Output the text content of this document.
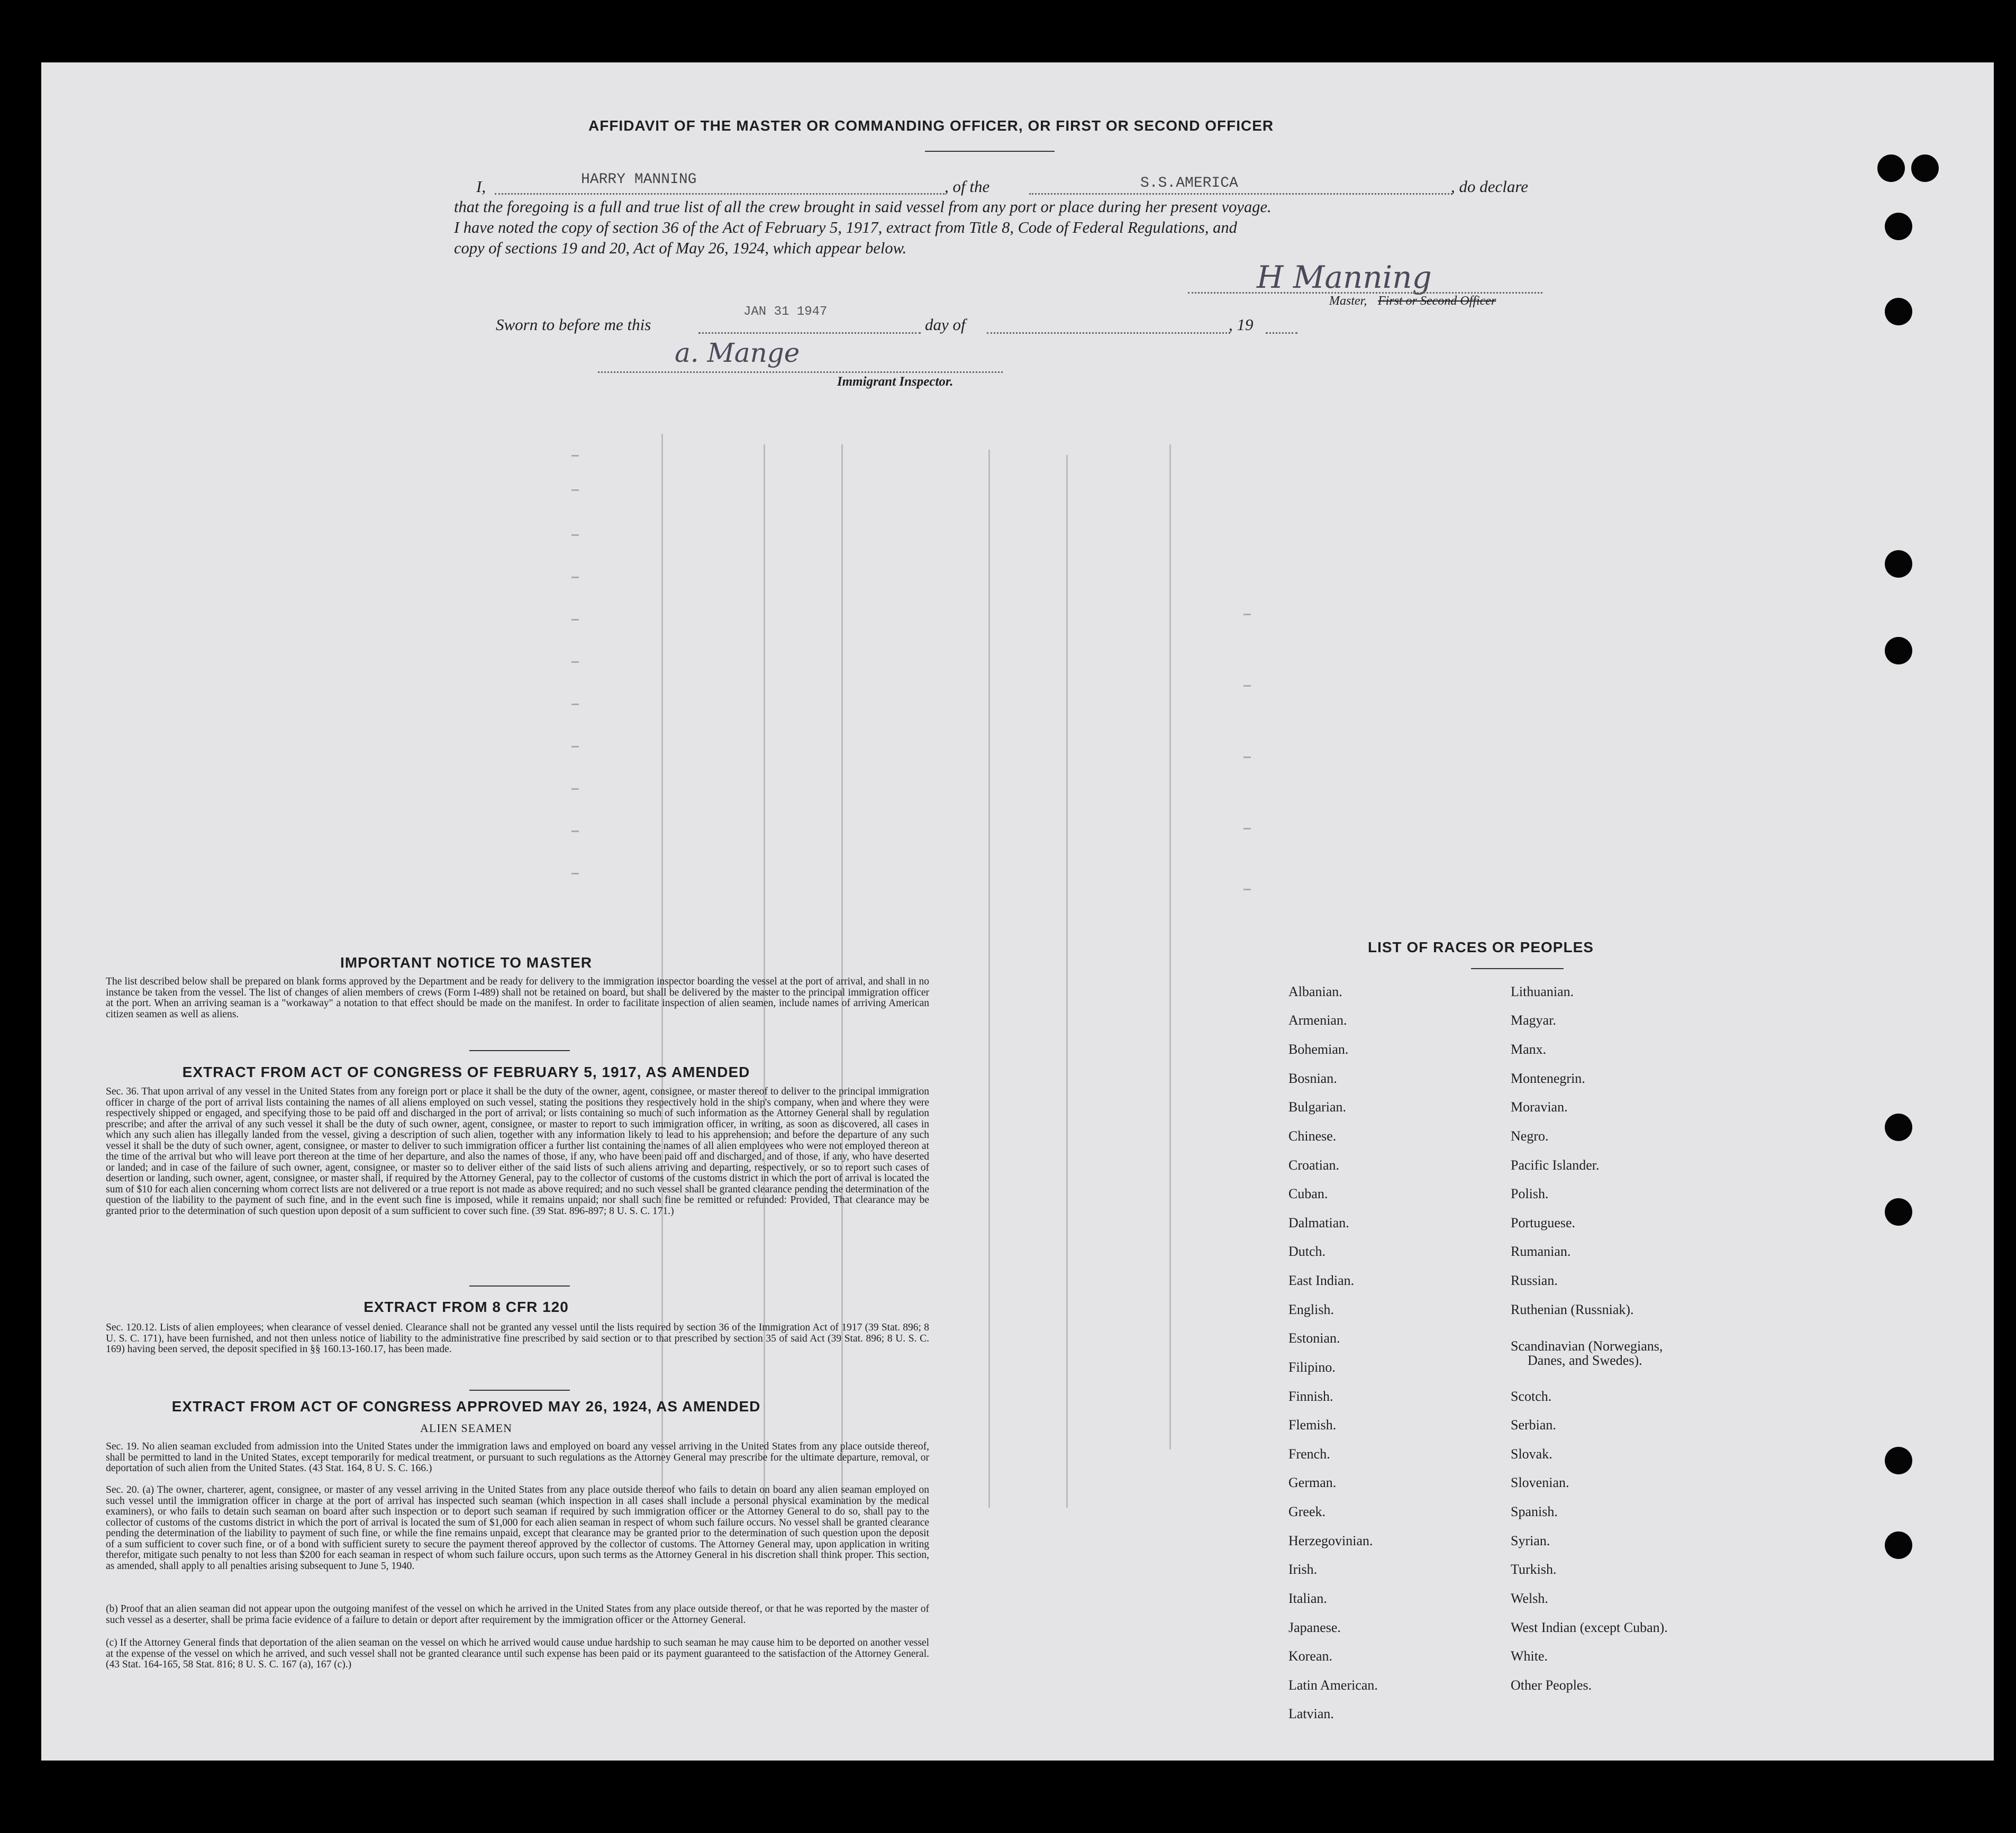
AFFIDAVIT OF THE MASTER OR COMMANDING OFFICER, OR FIRST OR SECOND OFFICER
I,	HARRY MANNING	, of the	S.S.AMERICA	, do declare
that the foregoing is a full and true list of all the crew brought in said vessel from any port or place during her present voyage.
I have noted the copy of section 36 of the Act of February 5, 1917, extract from Title 8, Code of Federal Regulations, and
copy of sections 19 and 20, Act of May 26, 1924, which appear below.
H Manning
Master, First or Second Officer
Sworn to before me this
JAN 31 1947
day of	, 19
a. Mange
Immigrant Inspector.
IMPORTANT NOTICE TO MASTER
The list described below shall be prepared on blank forms approved by the Department and be ready for delivery to the immigration inspector boarding the vessel at the port of arrival, and shall in no instance be taken from the vessel. The list of changes of alien members of crews (Form I-489) shall not be retained on board, but shall be delivered by the master to the principal immigration officer at the port. When an arriving seaman is a "workaway" a notation to that effect should be made on the manifest. In order to facilitate inspection of alien seamen, include names of arriving American citizen seamen as well as aliens.
EXTRACT FROM ACT OF CONGRESS OF FEBRUARY 5, 1917, AS AMENDED
Sec. 36. That upon arrival of any vessel in the United States from any foreign port or place it shall be the duty of the owner, agent, consignee, or master thereof to deliver to the principal immigration officer in charge of the port of arrival lists containing the names of all aliens employed on such vessel, stating the positions they respectively hold in the ship's company, when and where they were respectively shipped or engaged, and specifying those to be paid off and discharged in the port of arrival; or lists containing so much of such information as the Attorney General shall by regulation prescribe; and after the arrival of any such vessel it shall be the duty of such owner, agent, consignee, or master to report to such immigration officer, in writing, as soon as discovered, all cases in which any such alien has illegally landed from the vessel, giving a description of such alien, together with any information likely to lead to his apprehension; and before the departure of any such vessel it shall be the duty of such owner, agent, consignee, or master to deliver to such immigration officer a further list containing the names of all alien employees who were not employed thereon at the time of the arrival but who will leave port thereon at the time of her departure, and also the names of those, if any, who have been paid off and discharged, and of those, if any, who have deserted or landed; and in case of the failure of such owner, agent, consignee, or master so to deliver either of the said lists of such aliens arriving and departing, respectively, or so to report such cases of desertion or landing, such owner, agent, consignee, or master shall, if required by the Attorney General, pay to the collector of customs of the customs district in which the port of arrival is located the sum of $10 for each alien concerning whom correct lists are not delivered or a true report is not made as above required; and no such vessel shall be granted clearance pending the determination of the question of the liability to the payment of such fine, and in the event such fine is imposed, while it remains unpaid; nor shall such fine be remitted or refunded: Provided, That clearance may be granted prior to the determination of such question upon deposit of a sum sufficient to cover such fine. (39 Stat. 896-897; 8 U. S. C. 171.)
EXTRACT FROM 8 CFR 120
Sec. 120.12. Lists of alien employees; when clearance of vessel denied. Clearance shall not be granted any vessel until the lists required by section 36 of the Immigration Act of 1917 (39 Stat. 896; 8 U. S. C. 171), have been furnished, and not then unless notice of liability to the administrative fine prescribed by said section or to that prescribed by section 35 of said Act (39 Stat. 896; 8 U. S. C. 169) having been served, the deposit specified in §§ 160.13-160.17, has been made.
EXTRACT FROM ACT OF CONGRESS APPROVED MAY 26, 1924, AS AMENDED
ALIEN SEAMEN
Sec. 19. No alien seaman excluded from admission into the United States under the immigration laws and employed on board any vessel arriving in the United States from any place outside thereof, shall be permitted to land in the United States, except temporarily for medical treatment, or pursuant to such regulations as the Attorney General may prescribe for the ultimate departure, removal, or deportation of such alien from the United States. (43 Stat. 164, 8 U. S. C. 166.)
Sec. 20. (a) The owner, charterer, agent, consignee, or master of any vessel arriving in the United States from any place outside thereof who fails to detain on board any alien seaman employed on such vessel until the immigration officer in charge at the port of arrival has inspected such seaman (which inspection in all cases shall include a personal physical examination by the medical examiners), or who fails to detain such seaman on board after such inspection or to deport such seaman if required by such immigration officer or the Attorney General to do so, shall pay to the collector of customs of the customs district in which the port of arrival is located the sum of $1,000 for each alien seaman in respect of whom such failure occurs. No vessel shall be granted clearance pending the determination of the liability to payment of such fine, or while the fine remains unpaid, except that clearance may be granted prior to the determination of such question upon the deposit of a sum sufficient to cover such fine, or of a bond with sufficient surety to secure the payment thereof approved by the collector of customs. The Attorney General may, upon application in writing therefor, mitigate such penalty to not less than $200 for each seaman in respect of whom such failure occurs, upon such terms as the Attorney General in his discretion shall think proper. This section, as amended, shall apply to all penalties arising subsequent to June 5, 1940.
(b) Proof that an alien seaman did not appear upon the outgoing manifest of the vessel on which he arrived in the United States from any place outside thereof, or that he was reported by the master of such vessel as a deserter, shall be prima facie evidence of a failure to detain or deport after requirement by the immigration officer or the Attorney General.
(c) If the Attorney General finds that deportation of the alien seaman on the vessel on which he arrived would cause undue hardship to such seaman he may cause him to be deported on another vessel at the expense of the vessel on which he arrived, and such vessel shall not be granted clearance until such expense has been paid or its payment guaranteed to the satisfaction of the Attorney General. (43 Stat. 164-165, 58 Stat. 816; 8 U. S. C. 167 (a), 167 (c).)
LIST OF RACES OR PEOPLES
Albanian.
Armenian.
Bohemian.
Bosnian.
Bulgarian.
Chinese.
Croatian.
Cuban.
Dalmatian.
Dutch.
East Indian.
English.
Estonian.
Filipino.
Finnish.
Flemish.
French.
German.
Greek.
Herzegovinian.
Irish.
Italian.
Japanese.
Korean.
Latin American.
Latvian.
Lithuanian.
Magyar.
Manx.
Montenegrin.
Moravian.
Negro.
Pacific Islander.
Polish.
Portuguese.
Rumanian.
Russian.
Ruthenian (Russniak).
Scandinavian (Norwegians,
Danes, and Swedes).
Scotch.
Serbian.
Slovak.
Slovenian.
Spanish.
Syrian.
Turkish.
Welsh.
West Indian (except Cuban).
White.
Other Peoples.
